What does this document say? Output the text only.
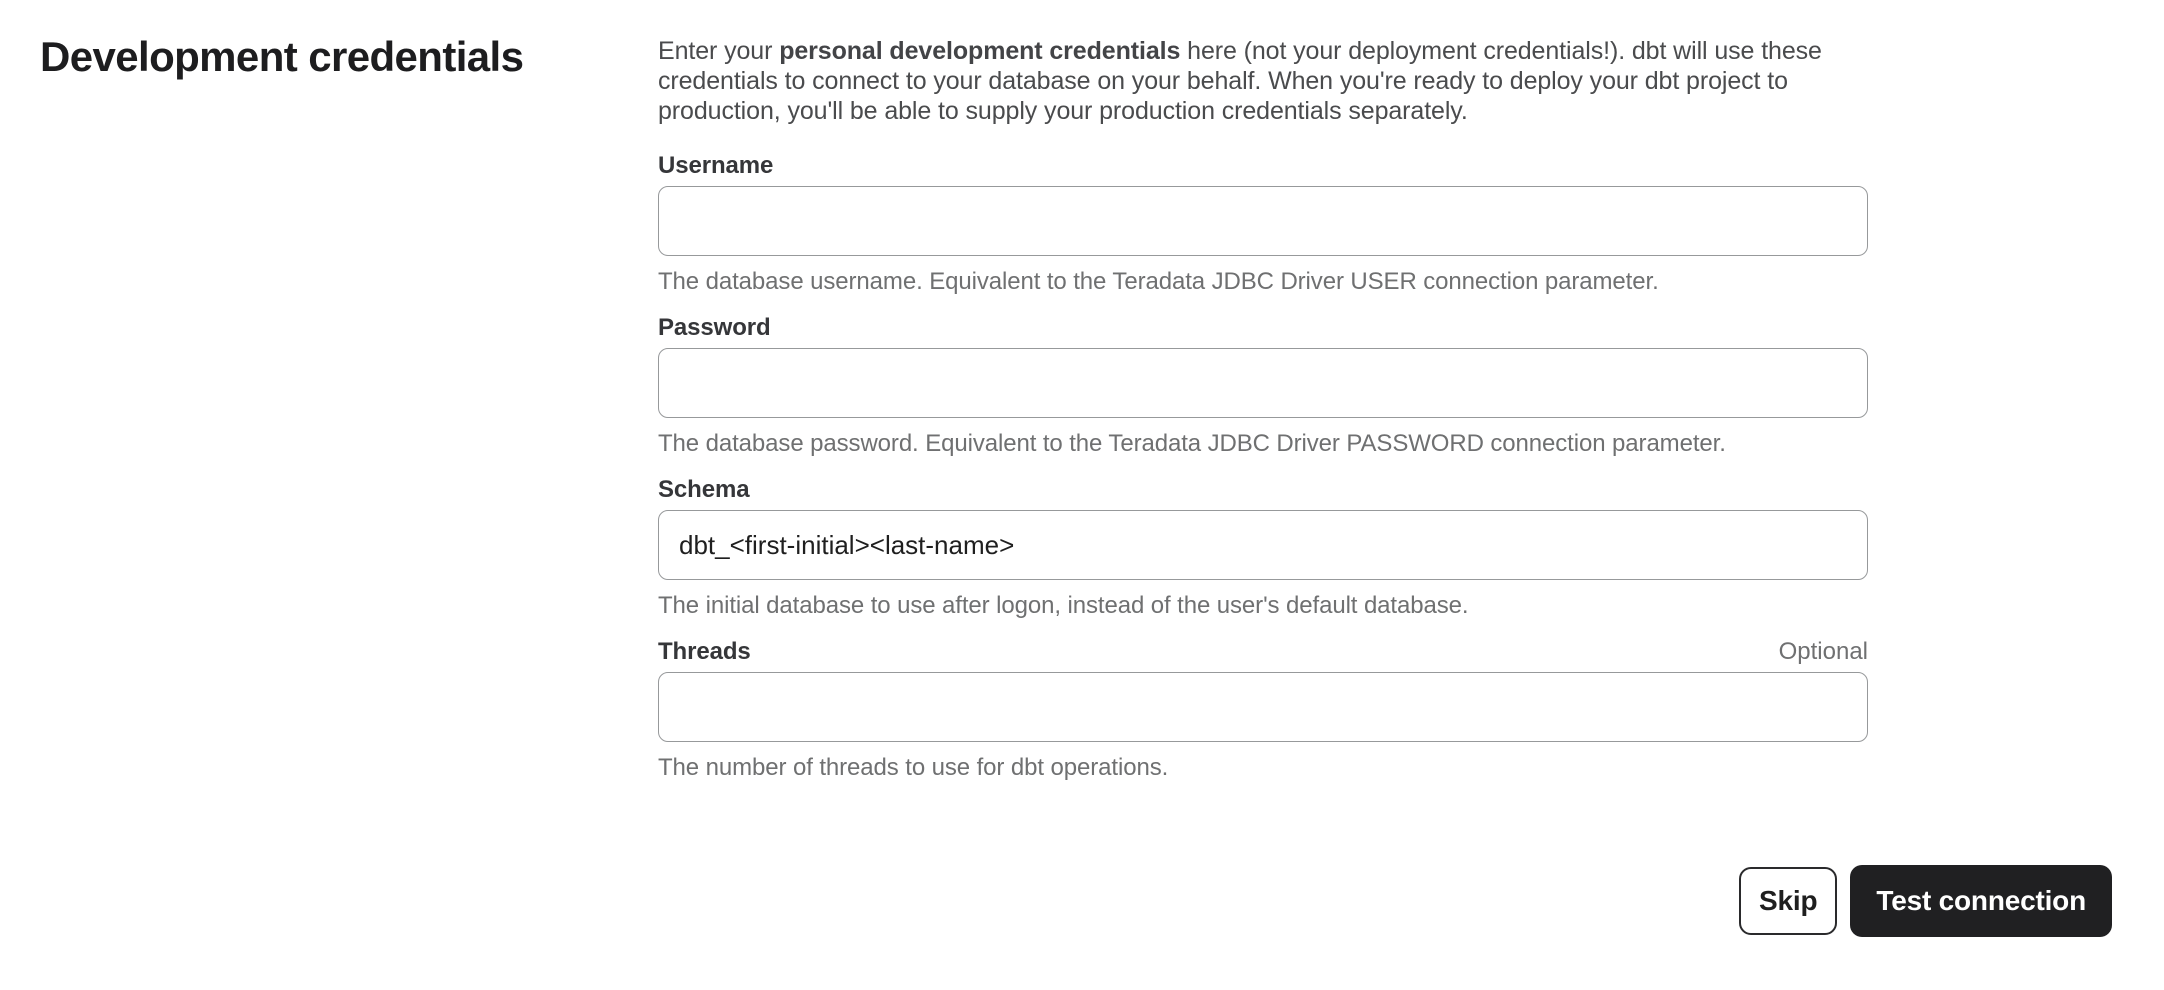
Development credentials	Enter your personal development credentials here (not your deployment credentials!). dbt will use these credentials to connect to your database on your behalf. When you're ready to deploy your dbt project to production, you'll be able to supply your production credentials separately.

Username

The database username. Equivalent to the Teradata JDBC Driver USER connection parameter.

Password

The database password. Equivalent to the Teradata JDBC Driver PASSWORD connection parameter.

Schema
dbt_<first-initial><last-name>

The initial database to use after logon, instead of the user's default database.

Threads	Optional

The number of threads to use for dbt operations.

Skip	Test connection
